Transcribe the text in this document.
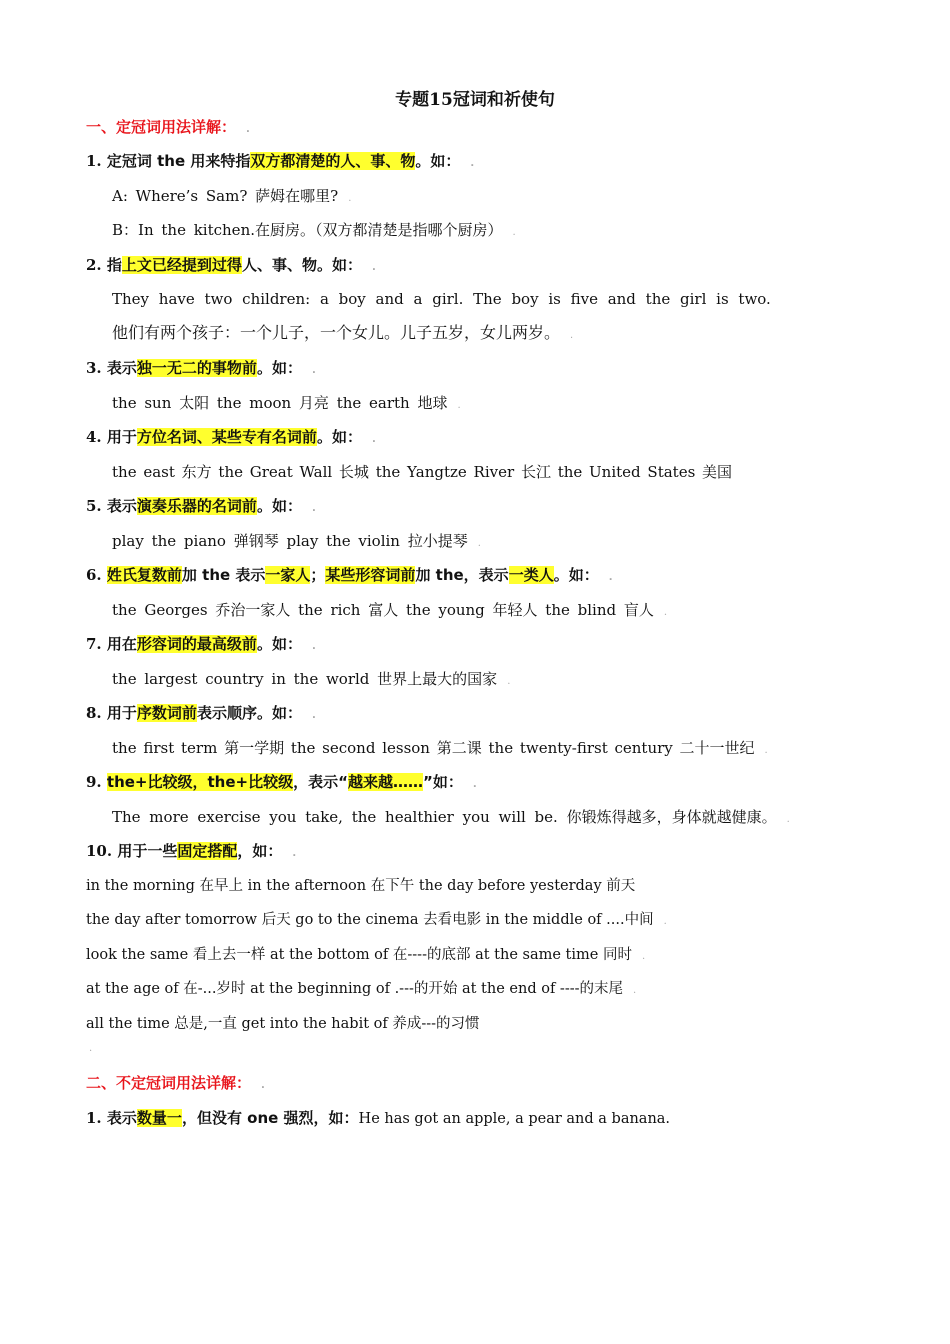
专题15冠词和祈使句
一、定冠词用法详解： .
1. 定冠词 the 用来特指双方都清楚的人、事、物。如： .
A: Where’s Sam? 萨姆在哪里? .
B：In the kitchen.在厨房。（双方都清楚是指哪个厨房） .
2. 指上文已经提到过得人、事、物。如： .
They have two children: a boy and a girl. The boy is five and the girl is two.
他们有两个孩子：一个儿子，一个女儿。儿子五岁，女儿两岁。 .
3. 表示独一无二的事物前。如： .
the sun 太阳 the moon 月亮 the earth 地球 .
4. 用于方位名词、某些专有名词前。如： .
the east 东方 the Great Wall 长城 the Yangtze River 长江 the United States 美国
5. 表示演奏乐器的名词前。如： .
play the piano 弹钢琴 play the violin 拉小提琴 .
6. 姓氏复数前加 the 表示一家人；某些形容词前加 the，表示一类人。如： .
the Georges 乔治一家人 the rich 富人 the young 年轻人 the blind 盲人 .
7. 用在形容词的最高级前。如： .
the largest country in the world 世界上最大的国家 .
8. 用于序数词前表示顺序。如： .
the first term 第一学期 the second lesson 第二课 the twenty-first century 二十一世纪 .
9. the+比较级，the+比较级，表示“越来越……”如： .
The more exercise you take, the healthier you will be. 你锻炼得越多，身体就越健康。 .
10. 用于一些固定搭配，如： .
in the morning 在早上 in the afternoon 在下午 the day before yesterday 前天
the day after tomorrow 后天 go to the cinema 去看电影 in the middle of ....中间 .
look the same 看上去一样 at the bottom of 在----的底部 at the same time 同时 .
at the age of 在-...岁时 at the beginning of .---的开始 at the end of ----的末尾 .
all the time 总是,一直 get into the habit of 养成---的习惯
.
二、不定冠词用法详解： .
1. 表示数量一，但没有 one 强烈，如：He has got an apple, a pear and a banana.
